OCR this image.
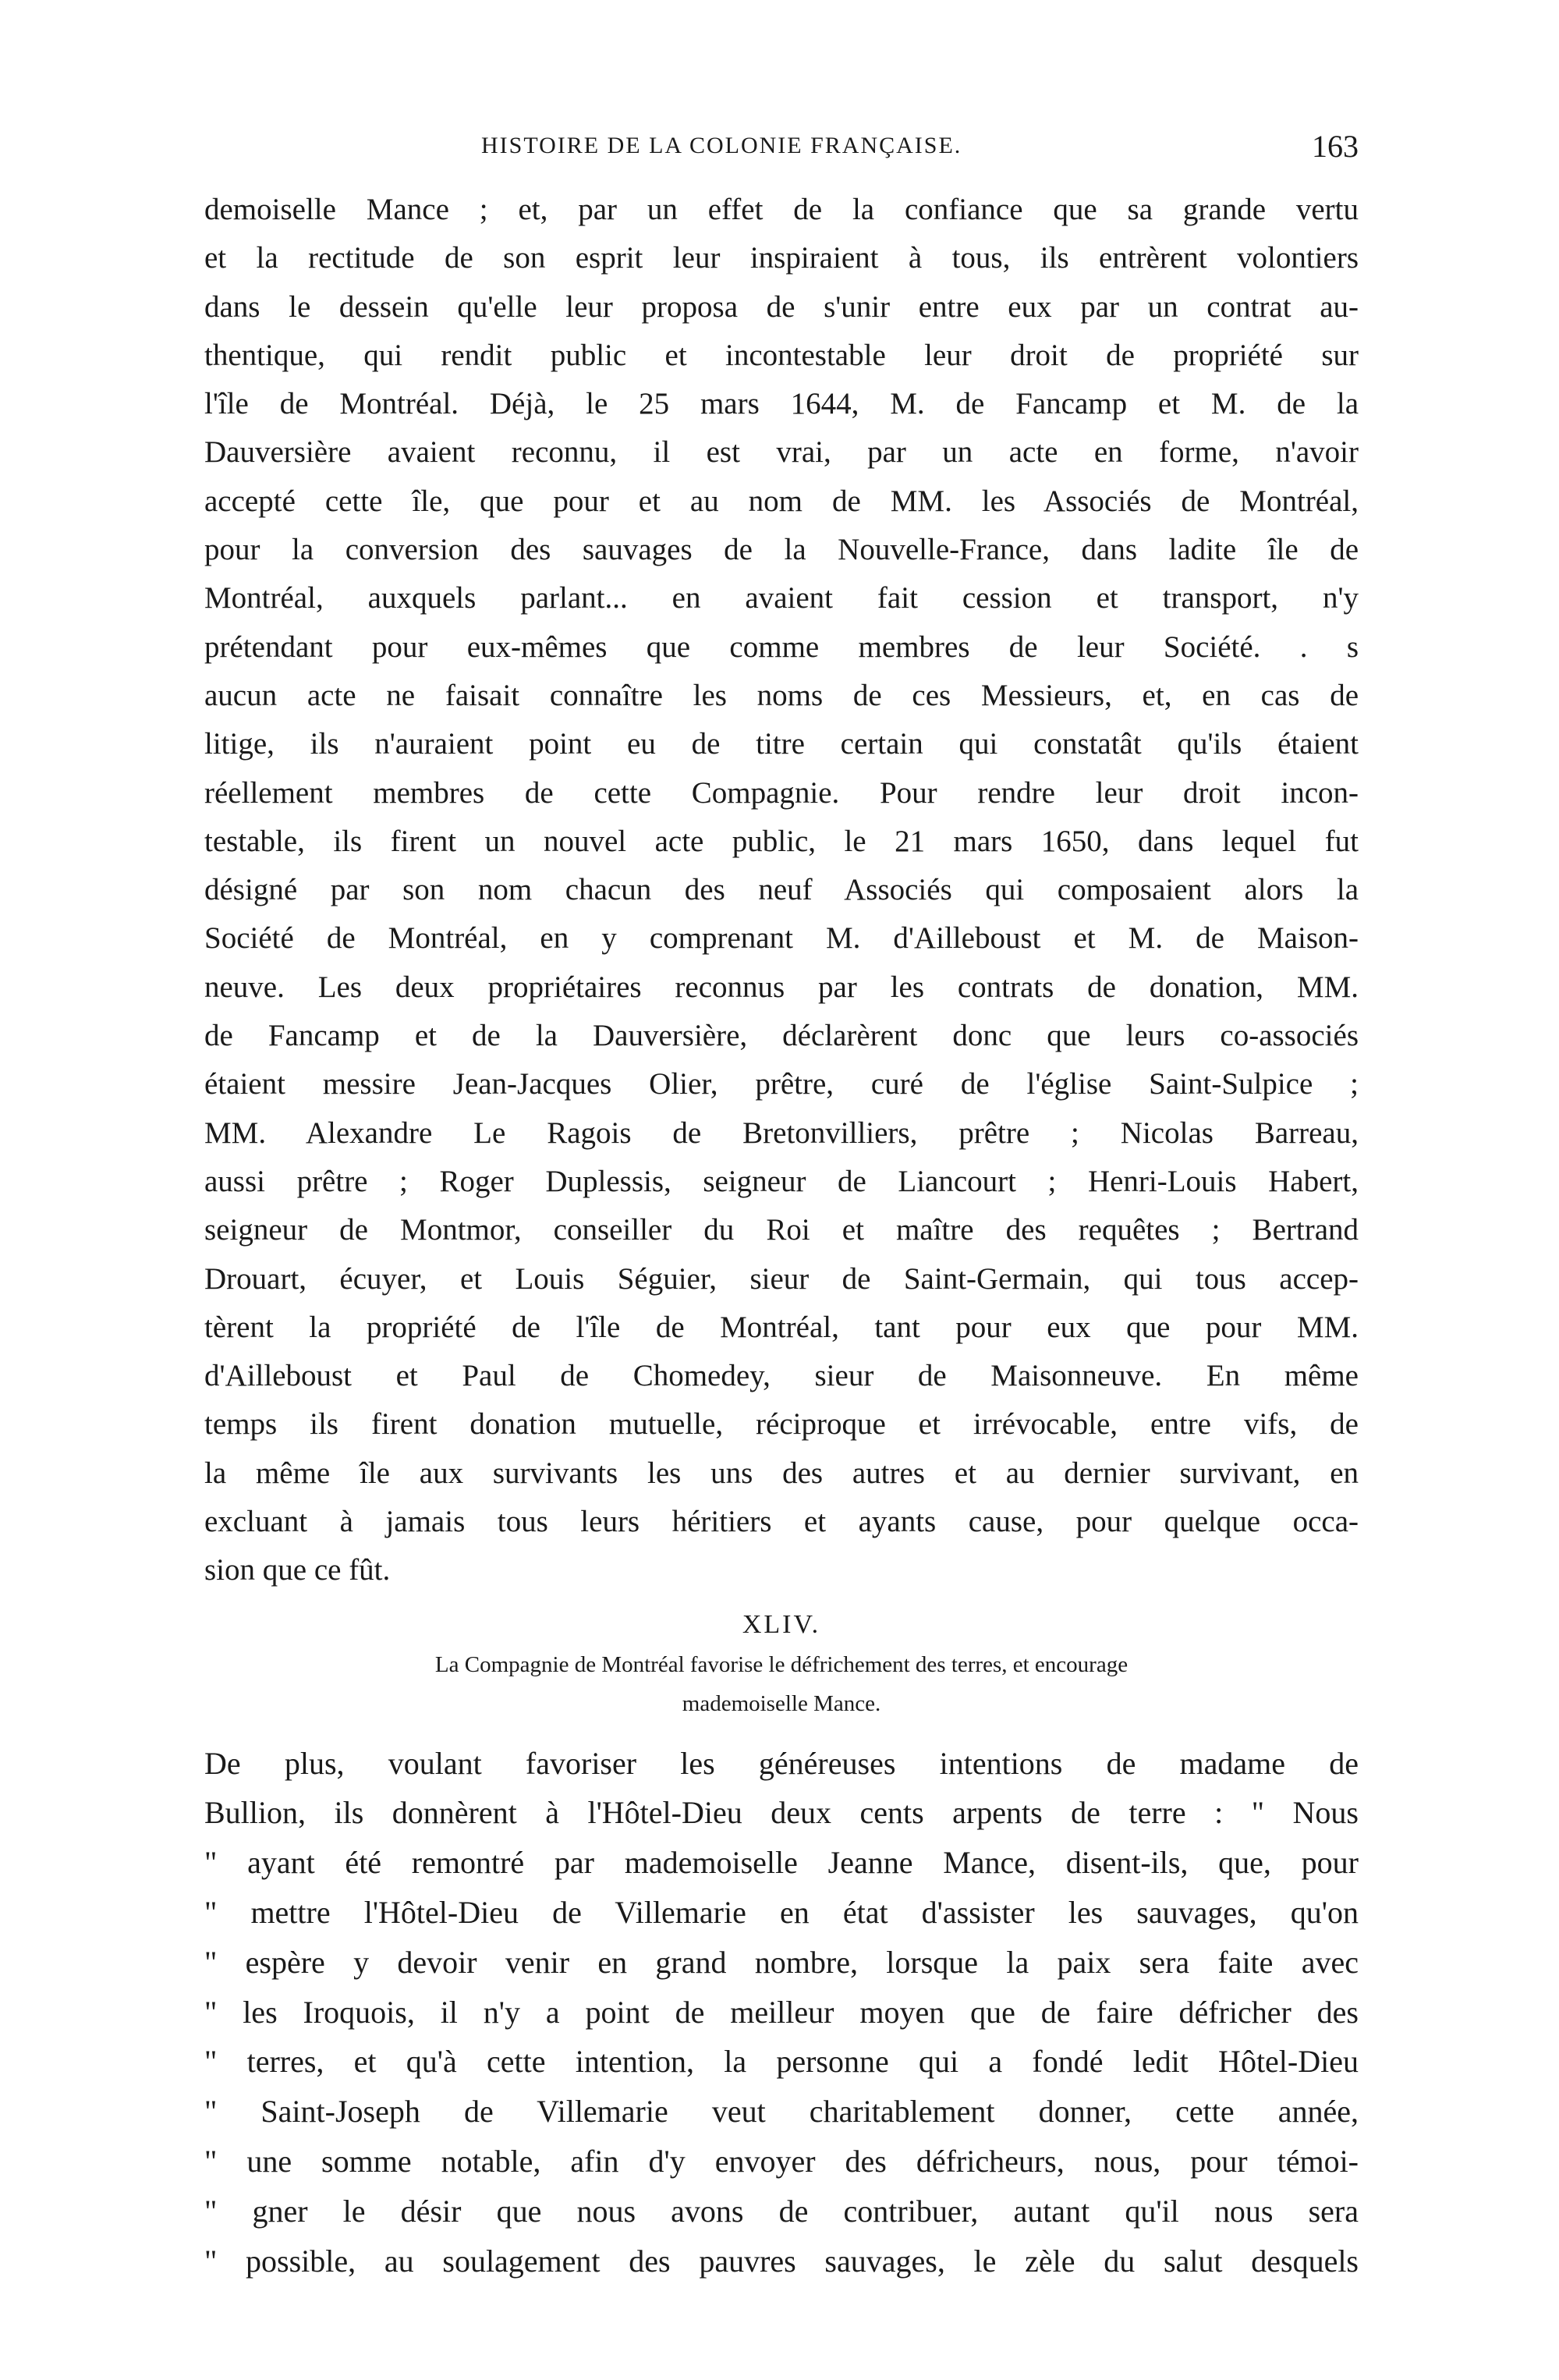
HISTOIRE DE LA COLONIE FRANÇAISE.	163
demoiselle Mance ; et, par un effet de la confiance que sa grande vertu
et la rectitude de son esprit leur inspiraient à tous, ils entrèrent volontiers
dans le dessein qu'elle leur proposa de s'unir entre eux par un contrat au-
thentique, qui rendit public et incontestable leur droit de propriété sur
l'île de Montréal. Déjà, le 25 mars 1644, M. de Fancamp et M. de la
Dauversière avaient reconnu, il est vrai, par un acte en forme, n'avoir
accepté cette île, que pour et au nom de MM. les Associés de Montréal,
pour la conversion des sauvages de la Nouvelle-France, dans ladite île de
Montréal, auxquels parlant... en avaient fait cession et transport, n'y
prétendant pour eux-mêmes que comme membres de leur Société. . s
aucun acte ne faisait connaître les noms de ces Messieurs, et, en cas de
litige, ils n'auraient point eu de titre certain qui constatât qu'ils étaient
réellement membres de cette Compagnie. Pour rendre leur droit incon-
testable, ils firent un nouvel acte public, le 21 mars 1650, dans lequel fut
désigné par son nom chacun des neuf Associés qui composaient alors la
Société de Montréal, en y comprenant M. d'Ailleboust et M. de Maison-
neuve. Les deux propriétaires reconnus par les contrats de donation, MM.
de Fancamp et de la Dauversière, déclarèrent donc que leurs co-associés
étaient messire Jean-Jacques Olier, prêtre, curé de l'église Saint-Sulpice ;
MM. Alexandre Le Ragois de Bretonvilliers, prêtre ; Nicolas Barreau,
aussi prêtre ; Roger Duplessis, seigneur de Liancourt ; Henri-Louis Habert,
seigneur de Montmor, conseiller du Roi et maître des requêtes ; Bertrand
Drouart, écuyer, et Louis Séguier, sieur de Saint-Germain, qui tous accep-
tèrent la propriété de l'île de Montréal, tant pour eux que pour MM.
d'Ailleboust et Paul de Chomedey, sieur de Maisonneuve. En même
temps ils firent donation mutuelle, réciproque et irrévocable, entre vifs, de
la même île aux survivants les uns des autres et au dernier survivant, en
excluant à jamais tous leurs héritiers et ayants cause, pour quelque occa-
sion que ce fût.
XLIV.
La Compagnie de Montréal favorise le défrichement des terres, et encourage
mademoiselle Mance.
De plus, voulant favoriser les généreuses intentions de madame de
Bullion, ils donnèrent à l'Hôtel-Dieu deux cents arpents de terre : " Nous
" ayant été remontré par mademoiselle Jeanne Mance, disent-ils, que, pour
" mettre l'Hôtel-Dieu de Villemarie en état d'assister les sauvages, qu'on
" espère y devoir venir en grand nombre, lorsque la paix sera faite avec
" les Iroquois, il n'y a point de meilleur moyen que de faire défricher des
" terres, et qu'à cette intention, la personne qui a fondé ledit Hôtel-Dieu
" Saint-Joseph de Villemarie veut charitablement donner, cette année,
" une somme notable, afin d'y envoyer des défricheurs, nous, pour témoi-
" gner le désir que nous avons de contribuer, autant qu'il nous sera
" possible, au soulagement des pauvres sauvages, le zèle du salut desquels
